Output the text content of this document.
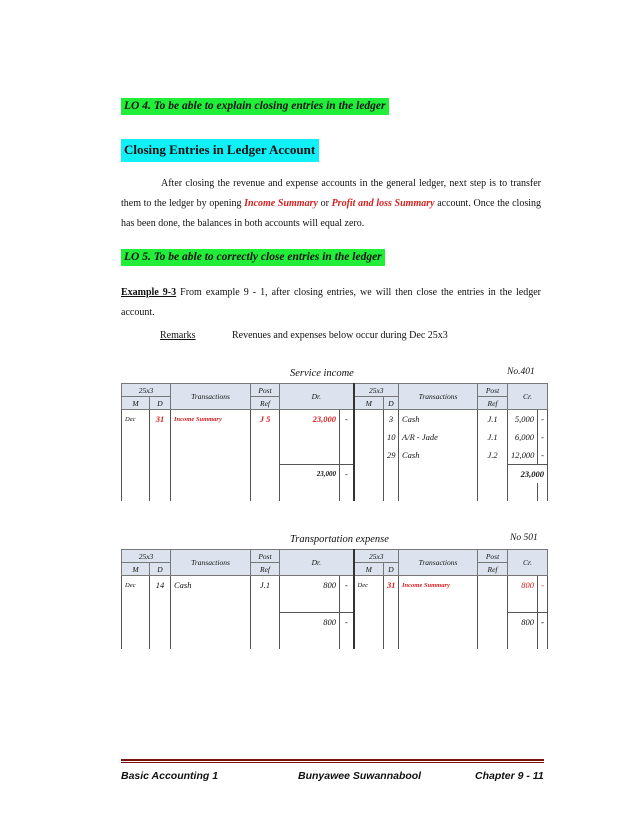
LO 4. To be able to explain closing entries in the ledger
Closing Entries in Ledger Account
After closing the revenue and expense accounts in the general ledger, next step is to transfer them to the ledger by opening Income Summary or Profit and loss Summary account. Once the closing has been done, the balances in both accounts will equal zero.
LO 5. To be able to correctly close entries in the ledger
Example 9-3 From example 9 - 1, after closing entries, we will then close the entries in the ledger account.
Remarks	Revenues and expenses below occur during Dec 25x3
Service income	No.401
25x3		Transactions	Post	Dr.		25x3		Transactions	Post	Cr.	
M	D		Ref			M	D		Ref		
Dec	31	Income Summary	J 5	23,000	-		3	Cash	J.1	5,000	-
							10	A/R - Jade	J.1	6,000	-
							29	Cash	J.2	12,000	-
				23,000	-					23,000	

Transportation expense	No 501
25x3		Transactions	Post	Dr.		25x3		Transactions	Post	Cr.	
M	D		Ref			M	D		Ref		
Dec	14	Cash	J.1	800	-	Dec	31	Income Summary		800	-

				800	-					800	-

Basic Accounting 1	Bunyawee Suwannabool	Chapter 9 - 11
